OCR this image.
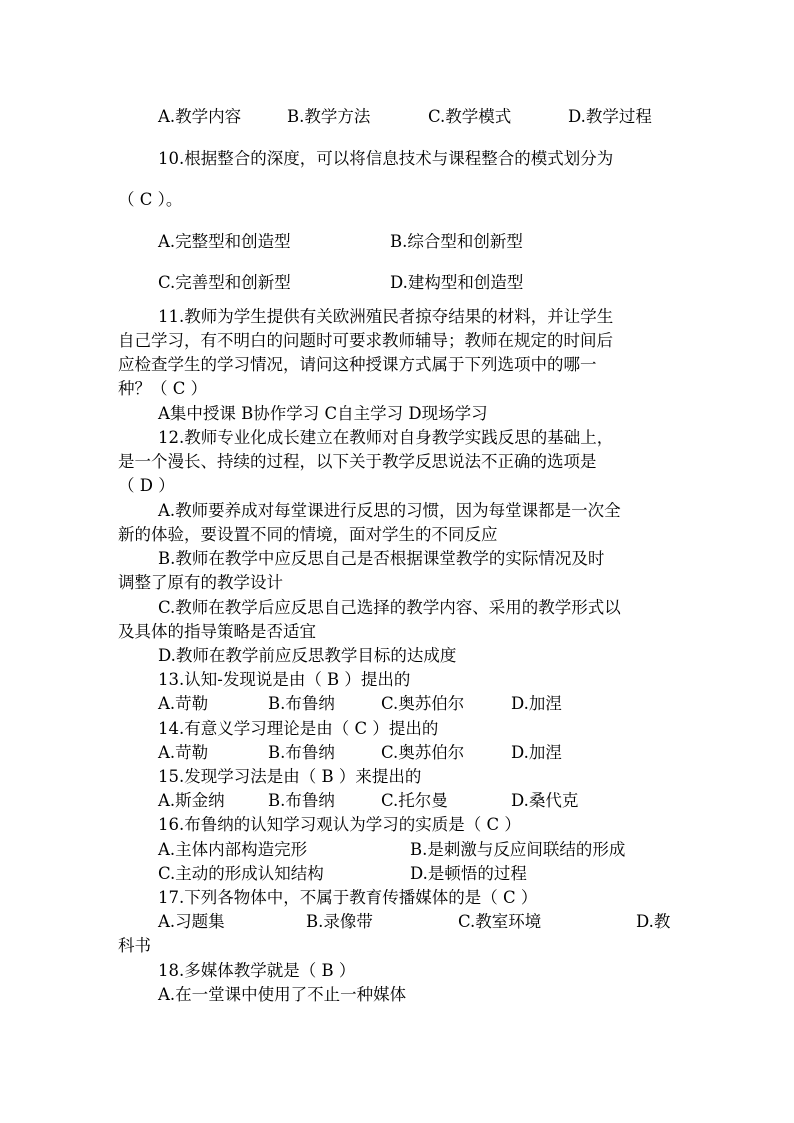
A.教学内容	B.教学方法	C.教学模式	D.教学过程
10.根据整合的深度，可以将信息技术与课程整合的模式划分为
（ C ）。
A.完整型和创造型	B.综合型和创新型
C.完善型和创新型	D.建构型和创造型
11.教师为学生提供有关欧洲殖民者掠夺结果的材料，并让学生
自己学习，有不明白的问题时可要求教师辅导；教师在规定的时间后
应检查学生的学习情况，请问这种授课方式属于下列选项中的哪一
种？（ C ）
A集中授课 B协作学习 C自主学习 D现场学习
12.教师专业化成长建立在教师对自身教学实践反思的基础上，
是一个漫长、持续的过程，以下关于教学反思说法不正确的选项是
（ D ）
A.教师要养成对每堂课进行反思的习惯，因为每堂课都是一次全
新的体验，要设置不同的情境，面对学生的不同反应
B.教师在教学中应反思自己是否根据课堂教学的实际情况及时
调整了原有的教学设计
C.教师在教学后应反思自己选择的教学内容、采用的教学形式以
及具体的指导策略是否适宜
D.教师在教学前应反思教学目标的达成度
13.认知-发现说是由（ B ）提出的
A.苛勒	B.布鲁纳	C.奥苏伯尔	D.加涅
14.有意义学习理论是由（ C ）提出的
A.苛勒	B.布鲁纳	C.奥苏伯尔	D.加涅
15.发现学习法是由（ B ）来提出的
A.斯金纳	B.布鲁纳	C.托尔曼	D.桑代克
16.布鲁纳的认知学习观认为学习的实质是（ C ）
A.主体内部构造完形	B.是刺激与反应间联结的形成
C.主动的形成认知结构	D.是顿悟的过程
17.下列各物体中，不属于教育传播媒体的是（ C ）
A.习题集	B.录像带	C.教室环境	D.教
科书
18.多媒体教学就是（ B ）
A.在一堂课中使用了不止一种媒体
